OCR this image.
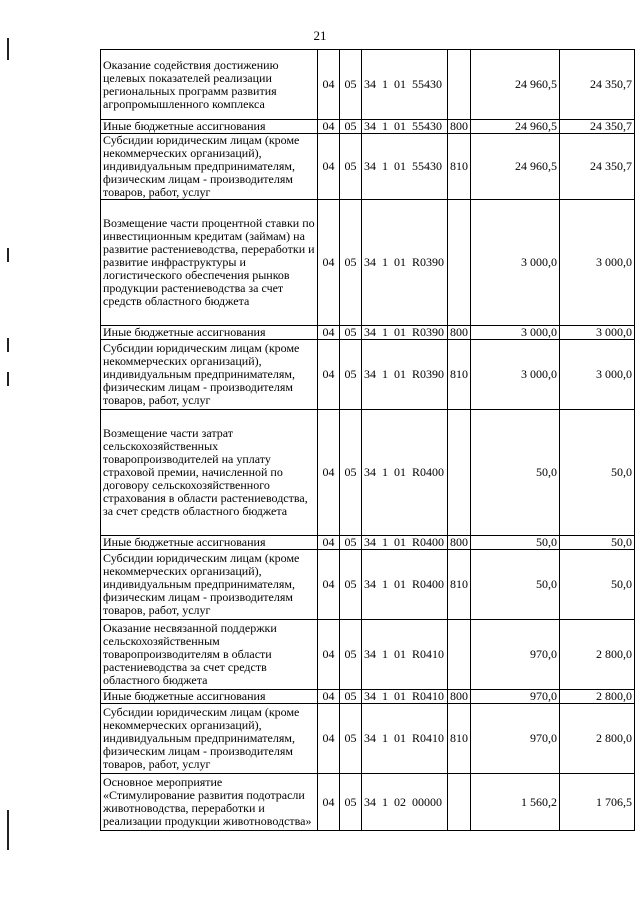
21
Оказание содействия достижению целевых показателей реализации региональных программ развития агропромышленного комплекса	04	05	34 1 01 55430		24 960,5	24 350,7
Иные бюджетные ассигнования	04	05	34 1 01 55430	800	24 960,5	24 350,7
Субсидии юридическим лицам (кроме некоммерческих организаций), индивидуальным предпринимателям, физическим лицам - производителям товаров, работ, услуг	04	05	34 1 01 55430	810	24 960,5	24 350,7
Возмещение части процентной ставки по инвестиционным кредитам (займам) на развитие растениеводства, переработки и развитие инфраструктуры и логистического обеспечения рынков продукции растениеводства за счет средств областного бюджета	04	05	34 1 01 R0390		3 000,0	3 000,0
Иные бюджетные ассигнования	04	05	34 1 01 R0390	800	3 000,0	3 000,0
Субсидии юридическим лицам (кроме некоммерческих организаций), индивидуальным предпринимателям, физическим лицам - производителям товаров, работ, услуг	04	05	34 1 01 R0390	810	3 000,0	3 000,0
Возмещение части затрат сельскохозяйственных товаропроизводителей на уплату страховой премии, начисленной по договору сельскохозяйственного страхования в области растениеводства, за счет средств областного бюджета	04	05	34 1 01 R0400		50,0	50,0
Иные бюджетные ассигнования	04	05	34 1 01 R0400	800	50,0	50,0
Субсидии юридическим лицам (кроме некоммерческих организаций), индивидуальным предпринимателям, физическим лицам - производителям товаров, работ, услуг	04	05	34 1 01 R0400	810	50,0	50,0
Оказание несвязанной поддержки сельскохозяйственным товаропроизводителям в области растениеводства за счет средств областного бюджета	04	05	34 1 01 R0410		970,0	2 800,0
Иные бюджетные ассигнования	04	05	34 1 01 R0410	800	970,0	2 800,0
Субсидии юридическим лицам (кроме некоммерческих организаций), индивидуальным предпринимателям, физическим лицам - производителям товаров, работ, услуг	04	05	34 1 01 R0410	810	970,0	2 800,0
Основное мероприятие «Стимулирование развития подотрасли животноводства, переработки и реализации продукции животноводства»	04	05	34 1 02 00000		1 560,2	1 706,5
